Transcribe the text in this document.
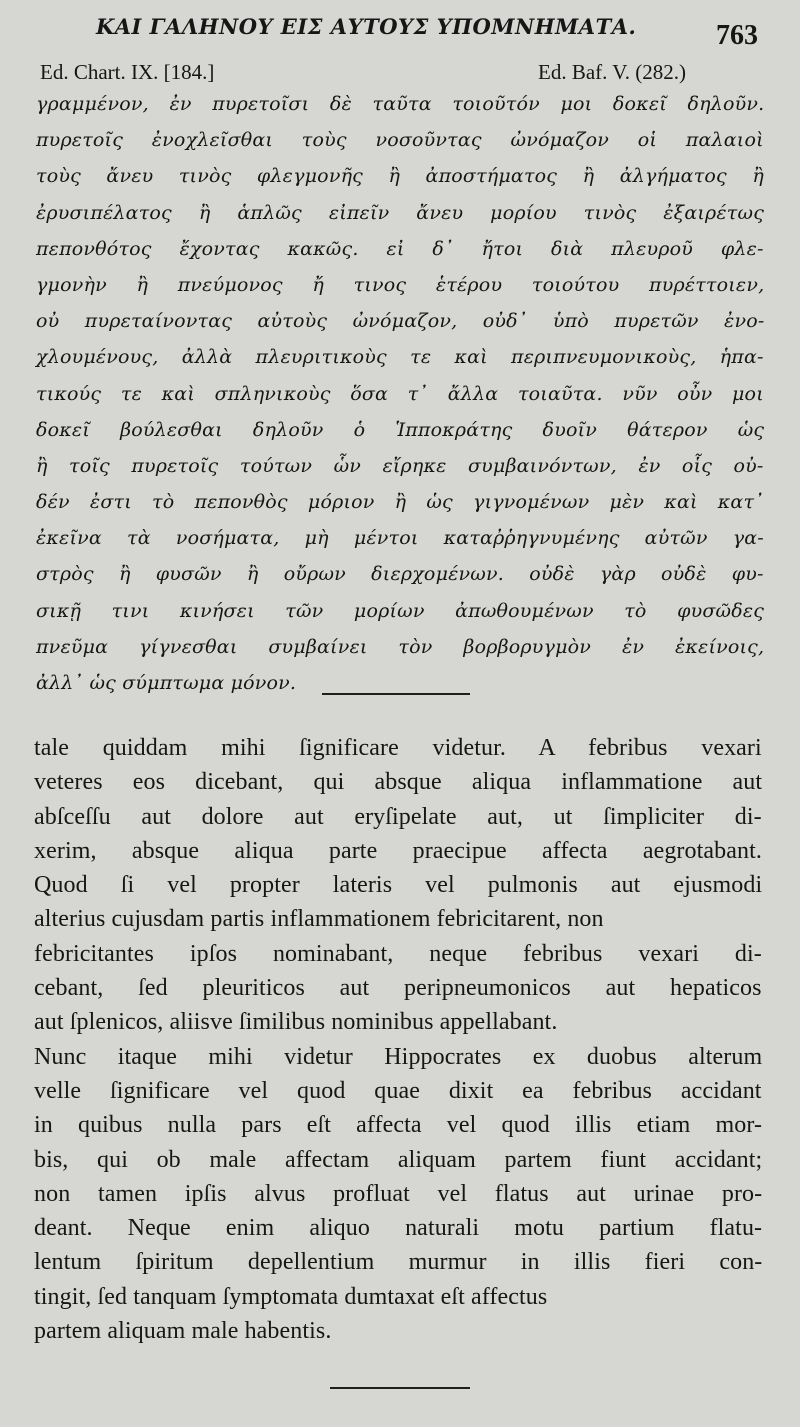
ΚΑΙ ΓΑΛΗΝΟΥ ΕΙΣ ΑΥΤΟΥΣ ΥΠΟΜΝΗΜΑΤΑ.	763
Ed. Chart. IX. [184.]	Ed. Baf. V. (282.)
γραμμένον, ἐν πυρετοῖσι δὲ ταῦτα τοιοῦτόν μοι δοκεῖ δηλοῦν.
πυρετοῖς ἐνοχλεῖσθαι τοὺς νοσοῦντας ὠνόμαζον οἱ παλαιοὶ
τοὺς ἄνευ τινὸς φλεγμονῆς ἢ ἀποστήματος ἢ ἀλγήματος ἢ
ἐρυσιπέλατος ἢ ἁπλῶς εἰπεῖν ἄνευ μορίου τινὸς ἐξαιρέτως
πεπονθότος ἔχοντας κακῶς. εἰ δ᾽ ἤτοι διὰ πλευροῦ φλε-
γμονὴν ἢ πνεύμονος ἤ τινος ἑτέρου τοιούτου πυρέττοιεν,
οὐ πυρεταίνοντας αὐτοὺς ὠνόμαζον, οὐδ᾽ ὑπὸ πυρετῶν ἐνο-
χλουμένους, ἀλλὰ πλευριτικοὺς τε καὶ περιπνευμονικοὺς, ἡπα-
τικούς τε καὶ σπληνικοὺς ὅσα τ᾽ ἄλλα τοιαῦτα. νῦν οὖν μοι
δοκεῖ βούλεσθαι δηλοῦν ὁ Ἱπποκράτης δυοῖν θάτερον ὡς
ἢ τοῖς πυρετοῖς τούτων ὧν εἴρηκε συμβαινόντων, ἐν οἷς οὐ-
δέν ἐστι τὸ πεπονθὸς μόριον ἢ ὡς γιγνομένων μὲν καὶ κατ᾽
ἐκεῖνα τὰ νοσήματα, μὴ μέντοι καταῤῥηγνυμένης αὐτῶν γα-
στρὸς ἢ φυσῶν ἢ οὔρων διερχομένων. οὐδὲ γὰρ οὐδὲ φυ-
σικῇ τινι κινήσει τῶν μορίων ἀπωθουμένων τὸ φυσῶδες
πνεῦμα γίγνεσθαι συμβαίνει τὸν βορβορυγμὸν ἐν ἐκείνοις,
ἀλλ᾽ ὡς σύμπτωμα μόνον.
tale quiddam mihi ſignificare videtur. A febribus vexari
veteres eos dicebant, qui absque aliqua inflammatione aut
abſceſſu aut dolore aut eryſipelate aut, ut ſimpliciter di-
xerim, absque aliqua parte praecipue affecta aegrotabant.
Quod ſi vel propter lateris vel pulmonis aut ejusmodi
alterius cujusdam partis inflammationem febricitarent, non
febricitantes ipſos nominabant, neque febribus vexari di-
cebant, ſed pleuriticos aut peripneumonicos aut hepaticos
aut ſplenicos, aliisve ſimilibus nominibus appellabant.
Nunc itaque mihi videtur Hippocrates ex duobus alterum
velle ſignificare vel quod quae dixit ea febribus accidant
in quibus nulla pars eſt affecta vel quod illis etiam mor-
bis, qui ob male affectam aliquam partem fiunt accidant;
non tamen ipſis alvus profluat vel flatus aut urinae pro-
deant. Neque enim aliquo naturali motu partium flatu-
lentum ſpiritum depellentium murmur in illis fieri con-
tingit, ſed tanquam ſymptomata dumtaxat eſt affectus
partem aliquam male habentis.
